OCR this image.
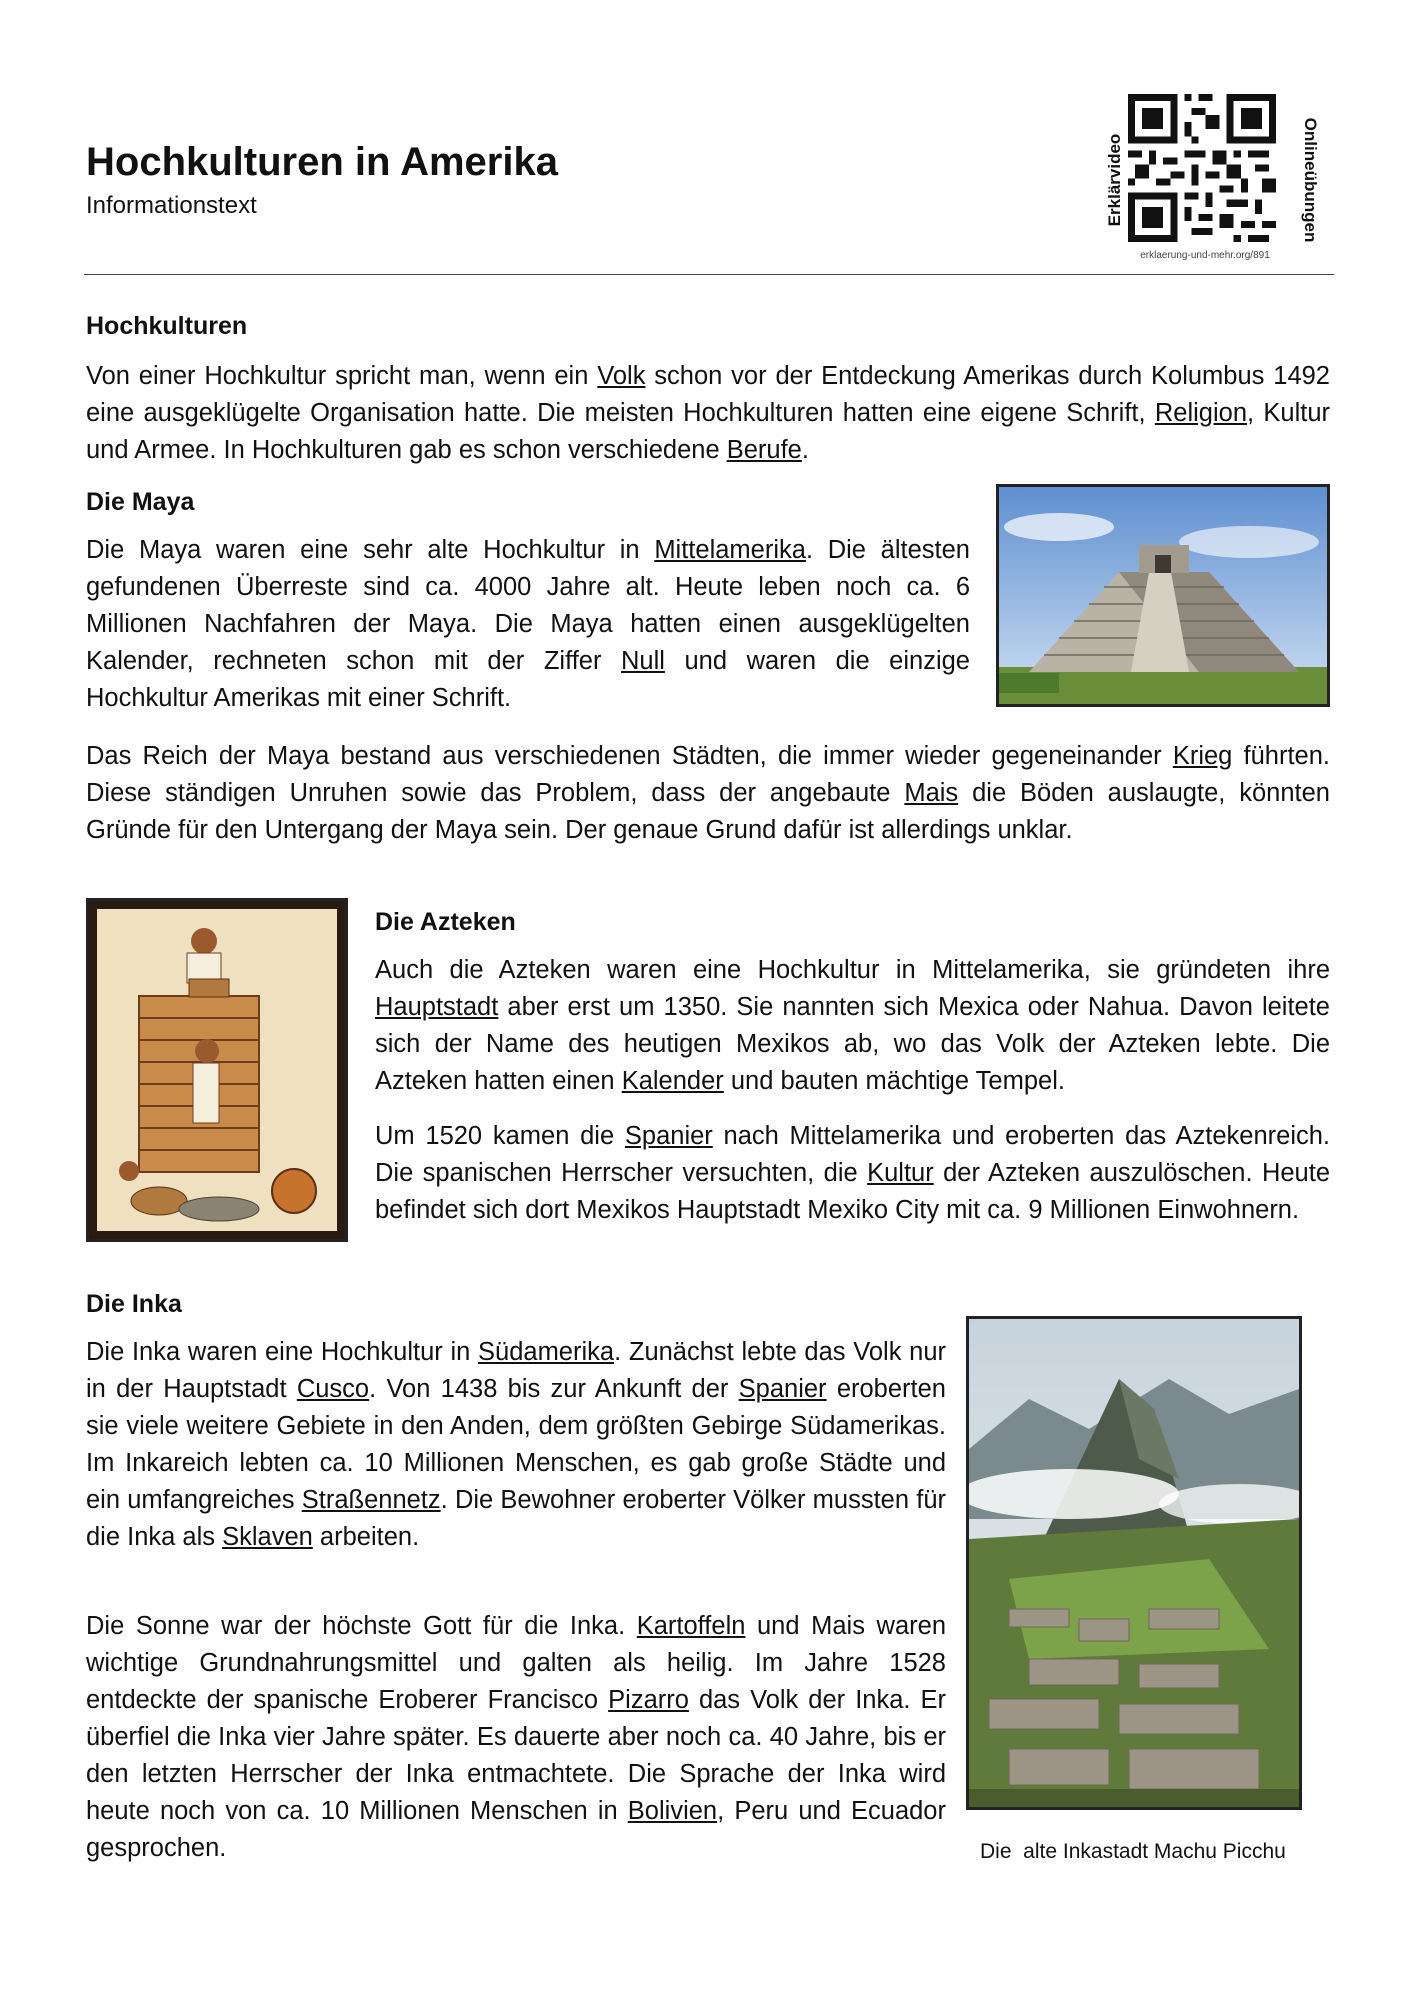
Hochkulturen in Amerika
Informationstext	Erklärvideo
erklaerung-und-mehr.org/891
Onlineübungen
Hochkulturen

Von einer Hochkultur spricht man, wenn ein Volk schon vor der Entdeckung Amerikas durch Kolumbus 1492 eine ausgeklügelte Organisation hatte. Die meisten Hochkulturen hatten eine eigene Schrift, Religion, Kultur und Armee. In Hochkulturen gab es schon verschiedene Berufe.

Die Maya

Die Maya waren eine sehr alte Hochkultur in Mittelamerika. Die ältesten gefundenen Überreste sind ca. 4000 Jahre alt. Heute leben noch ca. 6 Millionen Nachfahren der Maya. Die Maya hatten einen ausgeklügelten Kalender, rechneten schon mit der Ziffer Null und waren die einzige Hochkultur Amerikas mit einer Schrift.

Das Reich der Maya bestand aus verschiedenen Städten, die immer wieder gegeneinander Krieg führten. Diese ständigen Unruhen sowie das Problem, dass der angebaute Mais die Böden auslaugte, könnten Gründe für den Untergang der Maya sein. Der genaue Grund dafür ist allerdings unklar.

Die Azteken

Auch die Azteken waren eine Hochkultur in Mittelamerika, sie gründeten ihre Hauptstadt aber erst um 1350. Sie nannten sich Mexica oder Nahua. Davon leitete sich der Name des heutigen Mexikos ab, wo das Volk der Azteken lebte. Die Azteken hatten einen Kalender und bauten mächtige Tempel.

Um 1520 kamen die Spanier nach Mittelamerika und eroberten das Aztekenreich. Die spanischen Herrscher versuchten, die Kultur der Azteken auszulöschen. Heute befindet sich dort Mexikos Hauptstadt Mexiko City mit ca. 9 Millionen Einwohnern.

Die Inka

Die Inka waren eine Hochkultur in Südamerika. Zunächst lebte das Volk nur in der Hauptstadt Cusco. Von 1438 bis zur Ankunft der Spanier eroberten sie viele weitere Gebiete in den Anden, dem größten Gebirge Südamerikas. Im Inkareich lebten ca. 10 Millionen Menschen, es gab große Städte und ein umfangreiches Straßennetz. Die Bewohner eroberter Völker mussten für die Inka als Sklaven arbeiten.

Die Sonne war der höchste Gott für die Inka. Kartoffeln und Mais waren wichtige Grundnahrungsmittel und galten als heilig. Im Jahre 1528 entdeckte der spanische Eroberer Francisco Pizarro das Volk der Inka. Er überfiel die Inka vier Jahre später. Es dauerte aber noch ca. 40 Jahre, bis er den letzten Herrscher der Inka entmachtete. Die Sprache der Inka wird heute noch von ca. 10 Millionen Menschen in Bolivien, Peru und Ecuador gesprochen.	Die  alte Inkastadt Machu Picchu
